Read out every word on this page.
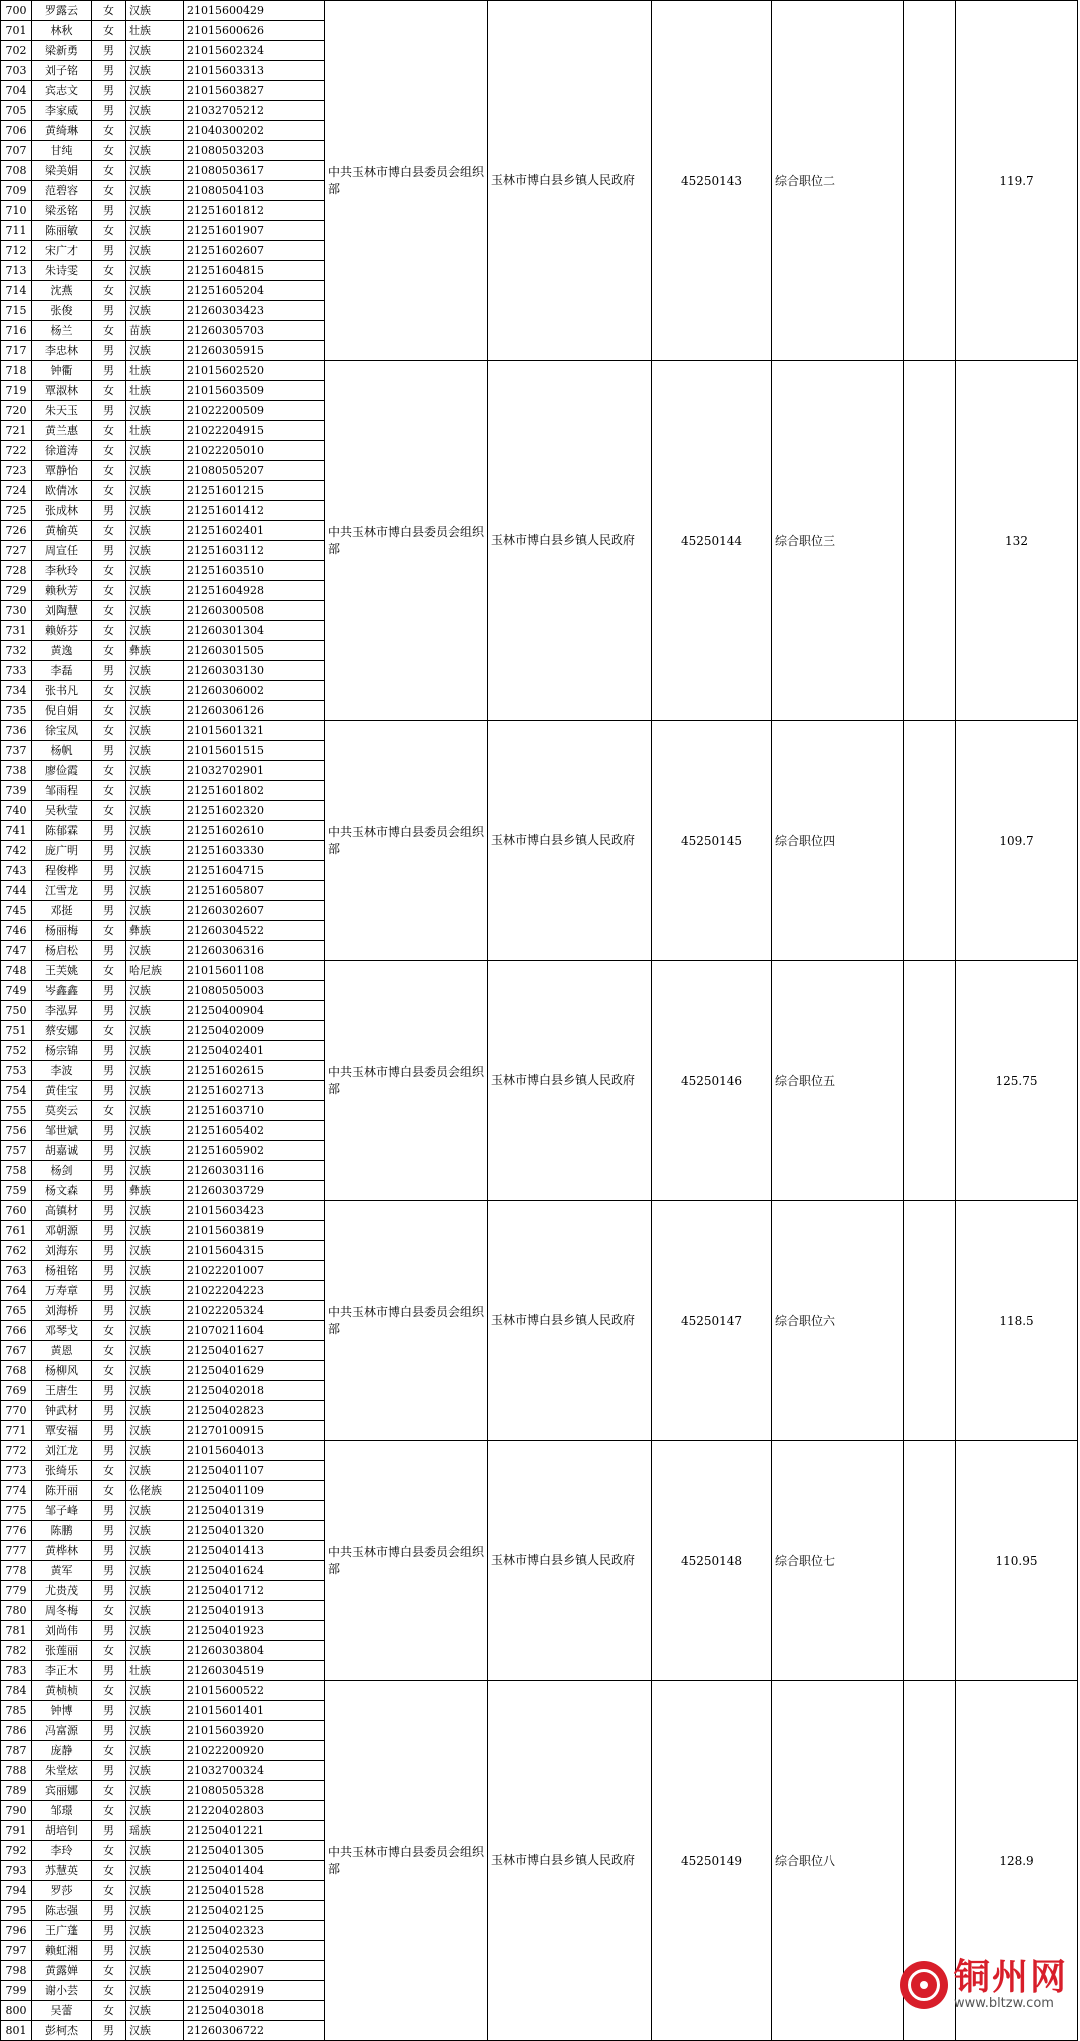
700	罗露云	女	汉族	21015600429	中共玉林市博白县委员会组织部	玉林市博白县乡镇人民政府	45250143	综合职位二		119.7
701	林秋	女	壮族	21015600626						
702	梁新勇	男	汉族	21015602324						
703	刘子铭	男	汉族	21015603313						
704	宾志文	男	汉族	21015603827						
705	李家威	男	汉族	21032705212						
706	黄绮琳	女	汉族	21040300202						
707	甘纯	女	汉族	21080503203						
708	梁美娟	女	汉族	21080503617						
709	范碧容	女	汉族	21080504103						
710	梁丞铭	男	汉族	21251601812						
711	陈丽敏	女	汉族	21251601907						
712	宋广才	男	汉族	21251602607						
713	朱诗雯	女	汉族	21251604815						
714	沈燕	女	汉族	21251605204						
715	张俊	男	汉族	21260303423						
716	杨兰	女	苗族	21260305703						
717	李忠林	男	汉族	21260305915						
718	钟衢	男	壮族	21015602520	中共玉林市博白县委员会组织部	玉林市博白县乡镇人民政府	45250144	综合职位三		132
719	覃淑林	女	壮族	21015603509						
720	朱天玉	男	汉族	21022200509						
721	黄兰惠	女	壮族	21022204915						
722	徐道涛	女	汉族	21022205010						
723	覃静怡	女	汉族	21080505207						
724	欧倩冰	女	汉族	21251601215						
725	张成林	男	汉族	21251601412						
726	黄榆英	女	汉族	21251602401						
727	周宣任	男	汉族	21251603112						
728	李秋玲	女	汉族	21251603510						
729	赖秋芳	女	汉族	21251604928						
730	刘陶慧	女	汉族	21260300508						
731	赖娇芬	女	汉族	21260301304						
732	黄逸	女	彝族	21260301505						
733	李磊	男	汉族	21260303130						
734	张书凡	女	汉族	21260306002						
735	倪自娟	女	汉族	21260306126						
736	徐宝凤	女	汉族	21015601321	中共玉林市博白县委员会组织部	玉林市博白县乡镇人民政府	45250145	综合职位四		109.7
737	杨帆	男	汉族	21015601515						
738	廖俭霞	女	汉族	21032702901						
739	邹雨程	女	汉族	21251601802						
740	吴秋莹	女	汉族	21251602320						
741	陈郁霖	男	汉族	21251602610						
742	庞广明	男	汉族	21251603330						
743	程俊桦	男	汉族	21251604715						
744	江雪龙	男	汉族	21251605807						
745	邓挺	男	汉族	21260302607						
746	杨丽梅	女	彝族	21260304522						
747	杨启松	男	汉族	21260306316						
748	王芙姚	女	哈尼族	21015601108	中共玉林市博白县委员会组织部	玉林市博白县乡镇人民政府	45250146	综合职位五		125.75
749	岑鑫鑫	男	汉族	21080505003						
750	李泓昇	男	汉族	21250400904						
751	蔡安娜	女	汉族	21250402009						
752	杨宗锦	男	汉族	21250402401						
753	李波	男	汉族	21251602615						
754	黄佳宝	男	汉族	21251602713						
755	莫奕云	女	汉族	21251603710						
756	邹世斌	男	汉族	21251605402						
757	胡嘉诚	男	汉族	21251605902						
758	杨剑	男	汉族	21260303116						
759	杨文森	男	彝族	21260303729						
760	高镇材	男	汉族	21015603423	中共玉林市博白县委员会组织部	玉林市博白县乡镇人民政府	45250147	综合职位六		118.5
761	邓朝源	男	汉族	21015603819						
762	刘海东	男	汉族	21015604315						
763	杨祖铭	男	汉族	21022201007						
764	万寿章	男	汉族	21022204223						
765	刘海桥	男	汉族	21022205324						
766	邓琴戈	女	汉族	21070211604						
767	黄恩	女	汉族	21250401627						
768	杨柳风	女	汉族	21250401629						
769	王唐生	男	汉族	21250402018						
770	钟武材	男	汉族	21250402823						
771	覃安福	男	汉族	21270100915						
772	刘江龙	男	汉族	21015604013	中共玉林市博白县委员会组织部	玉林市博白县乡镇人民政府	45250148	综合职位七		110.95
773	张绮乐	女	汉族	21250401107						
774	陈开丽	女	仫佬族	21250401109						
775	邹子峰	男	汉族	21250401319						
776	陈鹏	男	汉族	21250401320						
777	黄桦林	男	汉族	21250401413						
778	黄军	男	汉族	21250401624						
779	尤贵茂	男	汉族	21250401712						
780	周冬梅	女	汉族	21250401913						
781	刘尚伟	男	汉族	21250401923						
782	张莲丽	女	汉族	21260303804						
783	李正木	男	壮族	21260304519						
784	黄桢桢	女	汉族	21015600522	中共玉林市博白县委员会组织部	玉林市博白县乡镇人民政府	45250149	综合职位八		128.9
785	钟博	男	汉族	21015601401						
786	冯富源	男	汉族	21015603920						
787	庞静	女	汉族	21022200920						
788	朱堂炫	男	汉族	21032700324						
789	宾丽娜	女	汉族	21080505328						
790	邹璟	女	汉族	21220402803						
791	胡培钊	男	瑶族	21250401221						
792	李玲	女	汉族	21250401305						
793	苏慧英	女	汉族	21250401404						
794	罗莎	女	汉族	21250401528						
795	陈志强	男	汉族	21250402125						
796	王广蓬	男	汉族	21250402323						
797	赖虹湘	男	汉族	21250402530						
798	黄露婵	女	汉族	21250402907						
799	谢小芸	女	汉族	21250402919						
800	吴蕾	女	汉族	21250403018						
801	彭柯杰	男	汉族	21260306722						
铜州网
www.bltzw.com
